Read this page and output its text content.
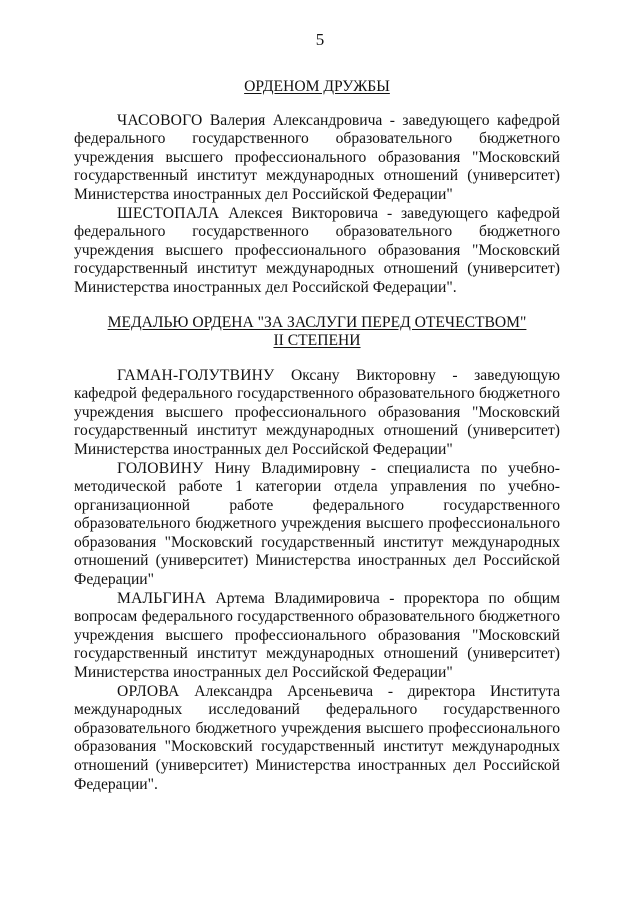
5

ОРДЕНОМ ДРУЖБЫ

ЧАСОВОГО Валерия Александровича - заведующего кафедрой федерального государственного образовательного бюджетного учреждения высшего профессионального образования "Московский государственный институт международных отношений (университет) Министерства иностранных дел Российской Федерации"

ШЕСТОПАЛА Алексея Викторовича - заведующего кафедрой федерального государственного образовательного бюджетного учреждения высшего профессионального образования "Московский государственный институт международных отношений (университет) Министерства иностранных дел Российской Федерации".

МЕДАЛЬЮ ОРДЕНА "ЗА ЗАСЛУГИ ПЕРЕД ОТЕЧЕСТВОМ"

II СТЕПЕНИ

ГАМАН-ГОЛУТВИНУ Оксану Викторовну - заведующую кафедрой федерального государственного образовательного бюджетного учреждения высшего профессионального образования "Московский государственный институт международных отношений (университет) Министерства иностранных дел Российской Федерации"

ГОЛОВИНУ Нину Владимировну - специалиста по учебно-методической работе 1 категории отдела управления по учебно-организационной работе федерального государственного образовательного бюджетного учреждения высшего профессионального образования "Московский государственный институт международных отношений (университет) Министерства иностранных дел Российской Федерации"

МАЛЬГИНА Артема Владимировича - проректора по общим вопросам федерального государственного образовательного бюджетного учреждения высшего профессионального образования "Московский государственный институт международных отношений (университет) Министерства иностранных дел Российской Федерации"

ОРЛОВА Александра Арсеньевича - директора Института международных исследований федерального государственного образовательного бюджетного учреждения высшего профессионального образования "Московский государственный институт международных отношений (университет) Министерства иностранных дел Российской Федерации".
